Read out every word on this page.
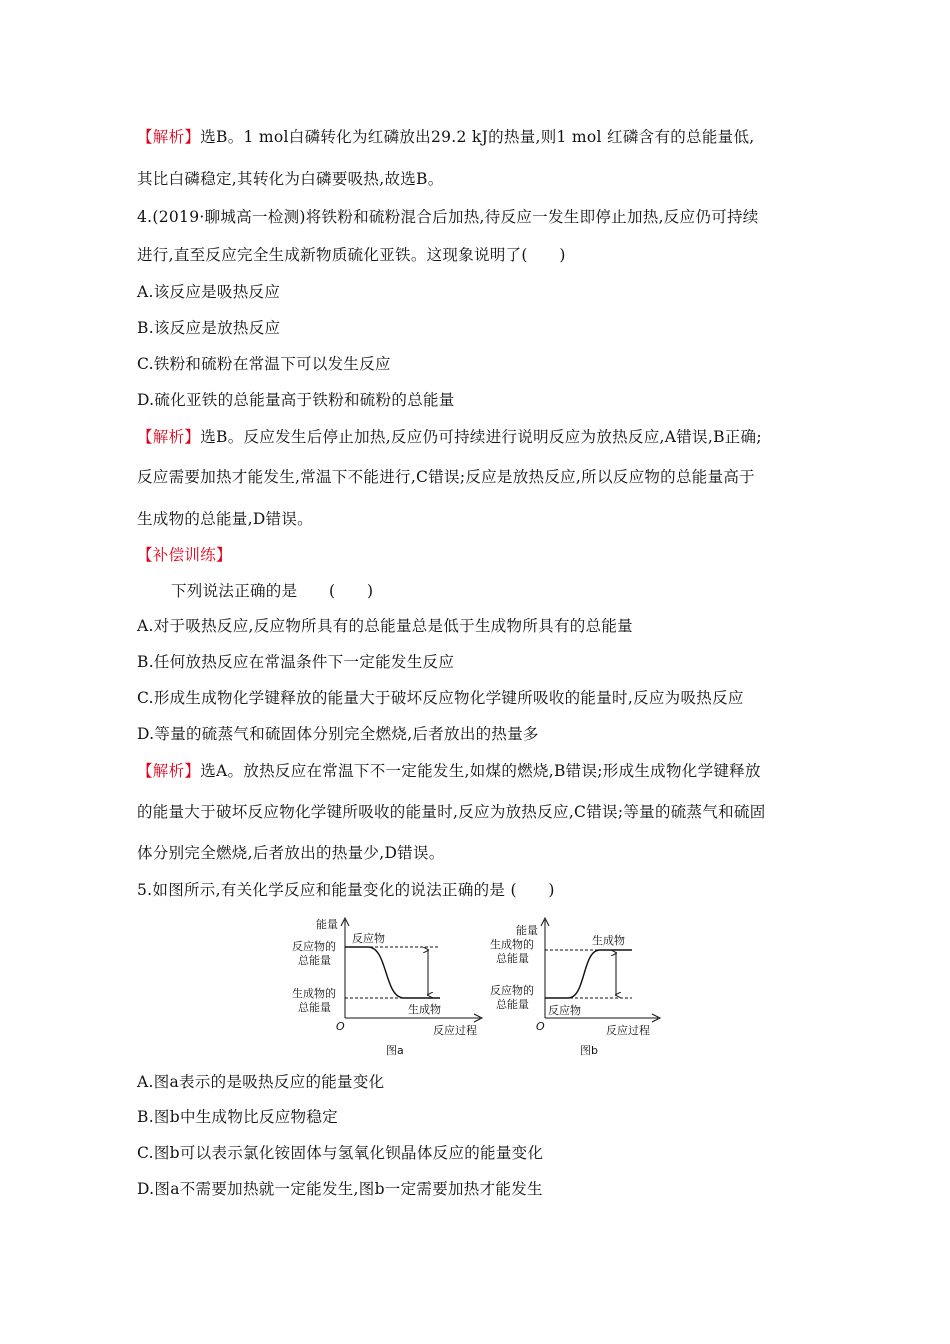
【解析】选B。1 mol白磷转化为红磷放出29.2 kJ的热量,则1 mol 红磷含有的总能量低,
其比白磷稳定,其转化为白磷要吸热,故选B。
4.(2019·聊城高一检测)将铁粉和硫粉混合后加热,待反应一发生即停止加热,反应仍可持续
进行,直至反应完全生成新物质硫化亚铁。这现象说明了(　　)
A.该反应是吸热反应
B.该反应是放热反应
C.铁粉和硫粉在常温下可以发生反应
D.硫化亚铁的总能量高于铁粉和硫粉的总能量
【解析】选B。反应发生后停止加热,反应仍可持续进行说明反应为放热反应,A错误,B正确;
反应需要加热才能发生,常温下不能进行,C错误;反应是放热反应,所以反应物的总能量高于
生成物的总能量,D错误。
【补偿训练】
下列说法正确的是　　(　　)
A.对于吸热反应,反应物所具有的总能量总是低于生成物所具有的总能量
B.任何放热反应在常温条件下一定能发生反应
C.形成生成物化学键释放的能量大于破坏反应物化学键所吸收的能量时,反应为吸热反应
D.等量的硫蒸气和硫固体分别完全燃烧,后者放出的热量多
【解析】选A。放热反应在常温下不一定能发生,如煤的燃烧,B错误;形成生成物化学键释放
的能量大于破坏反应物化学键所吸收的能量时,反应为放热反应,C错误;等量的硫蒸气和硫固
体分别完全燃烧,后者放出的热量少,D错误。
5.如图所示,有关化学反应和能量变化的说法正确的是 (　　)
能量
反应物的
总能量
生成物的
总能量
反应物
生成物
O	反应过程
图a
能量
生成物的
总能量
反应物的
总能量 反应物
生成物
O	反应过程
图b
A.图a表示的是吸热反应的能量变化
B.图b中生成物比反应物稳定
C.图b可以表示氯化铵固体与氢氧化钡晶体反应的能量变化
D.图a不需要加热就一定能发生,图b一定需要加热才能发生
